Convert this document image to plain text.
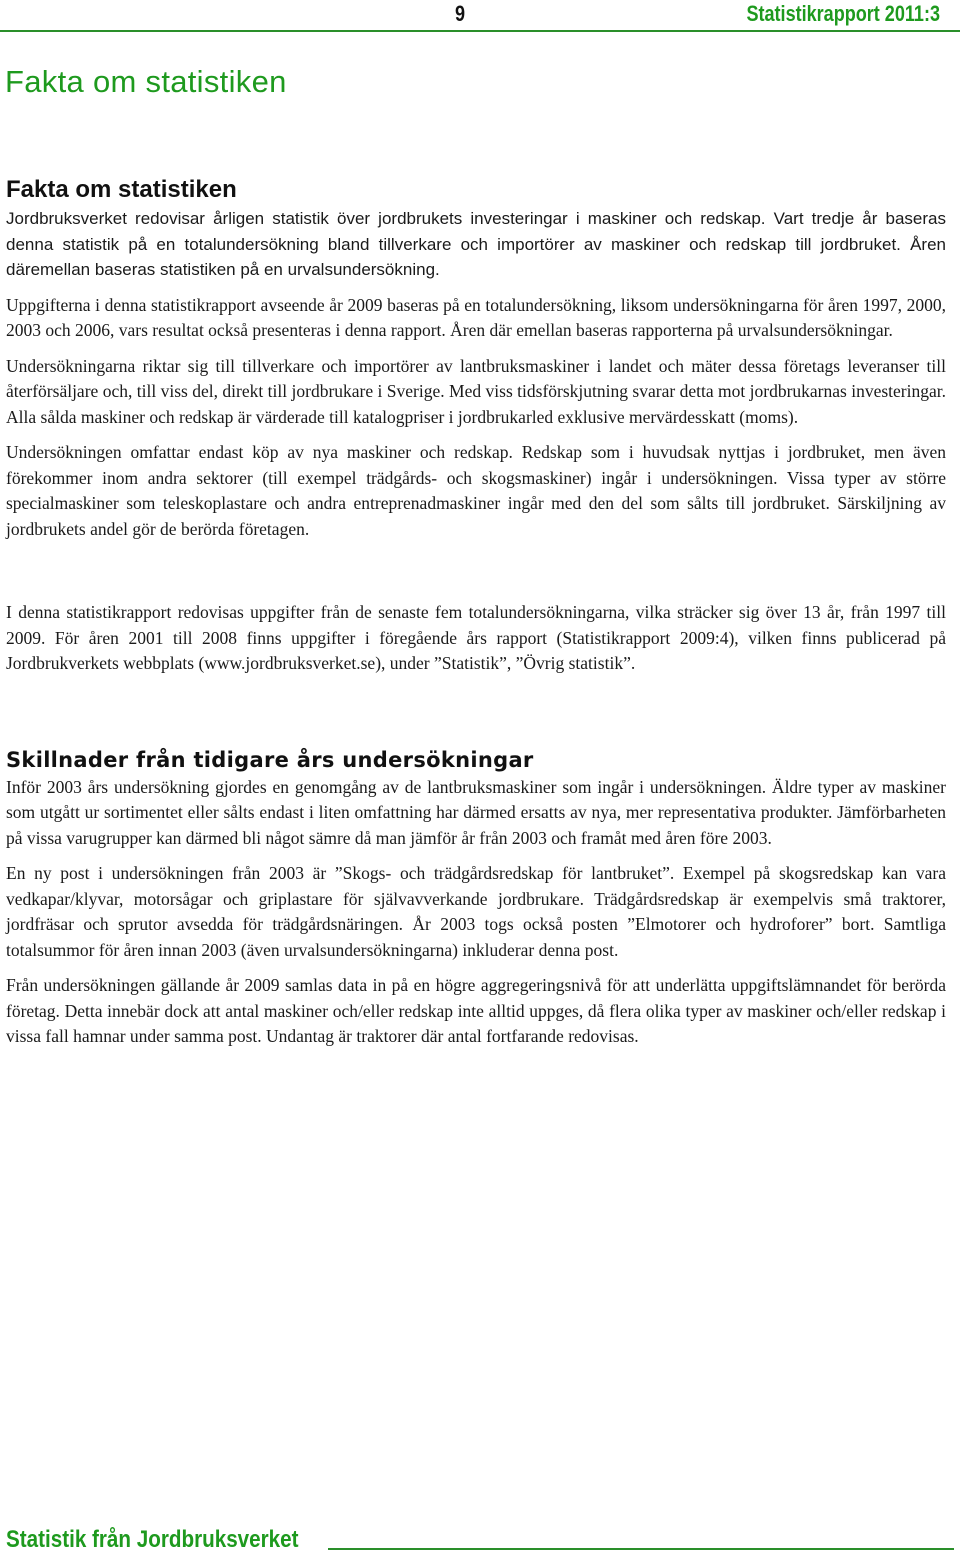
9	Statistikrapport 2011:3
Fakta om statistiken
Fakta om statistiken

Jordbruksverket redovisar årligen statistik över jordbrukets investeringar i maskiner och redskap. Vart tredje år baseras denna statistik på en totalundersökning bland tillverkare och importörer av maskiner och redskap till jordbruket. Åren däremellan baseras statistiken på en urvalsundersökning.

Uppgifterna i denna statistikrapport avseende år 2009 baseras på en totalundersökning, liksom undersökningarna för åren 1997, 2000, 2003 och 2006, vars resultat också presenteras i denna rapport. Åren där emellan baseras rapporterna på urvalsundersökningar.

Undersökningarna riktar sig till tillverkare och importörer av lantbruksmaskiner i landet och mäter dessa företags leveranser till återförsäljare och, till viss del, direkt till jordbrukare i Sverige. Med viss tidsförskjutning svarar detta mot jordbrukarnas investeringar. Alla sålda maskiner och redskap är värderade till katalogpriser i jordbrukarled exklusive mervärdesskatt (moms).

Undersökningen omfattar endast köp av nya maskiner och redskap. Redskap som i huvudsak nyttjas i jordbruket, men även förekommer inom andra sektorer (till exempel trädgårds- och skogsmaskiner) ingår i undersökningen. Vissa typer av större specialmaskiner som teleskoplastare och andra entreprenadmaskiner ingår med den del som sålts till jordbruket. Särskiljning av jordbrukets andel gör de berörda företagen.

I denna statistikrapport redovisas uppgifter från de senaste fem totalundersökningarna, vilka sträcker sig över 13 år, från 1997 till 2009. För åren 2001 till 2008 finns uppgifter i föregående års rapport (Statistikrapport 2009:4), vilken finns publicerad på Jordbrukverkets webbplats (www.jordbruksverket.se), under ”Statistik”, ”Övrig statistik”.

Skillnader från tidigare års undersökningar

Inför 2003 års undersökning gjordes en genomgång av de lantbruksmaskiner som ingår i undersökningen. Äldre typer av maskiner som utgått ur sortimentet eller sålts endast i liten omfattning har därmed ersatts av nya, mer representativa produkter. Jämförbarheten på vissa varugrupper kan därmed bli något sämre då man jämför år från 2003 och framåt med åren före 2003.

En ny post i undersökningen från 2003 är ”Skogs- och trädgårdsredskap för lantbruket”. Exempel på skogsredskap kan vara vedkapar/klyvar, motorsågar och griplastare för självavverkande jordbrukare. Trädgårdsredskap är exempelvis små traktorer, jordfräsar och sprutor avsedda för trädgårdsnäringen. År 2003 togs också posten ”Elmotorer och hydroforer” bort. Samtliga totalsummor för åren innan 2003 (även urvalsundersökningarna) inkluderar denna post.

Från undersökningen gällande år 2009 samlas data in på en högre aggregeringsnivå för att underlätta uppgiftslämnandet för berörda företag. Detta innebär dock att antal maskiner och/eller redskap inte alltid uppges, då flera olika typer av maskiner och/eller redskap i vissa fall hamnar under samma post. Undantag är traktorer där antal fortfarande redovisas.

Statistik från Jordbruksverket
